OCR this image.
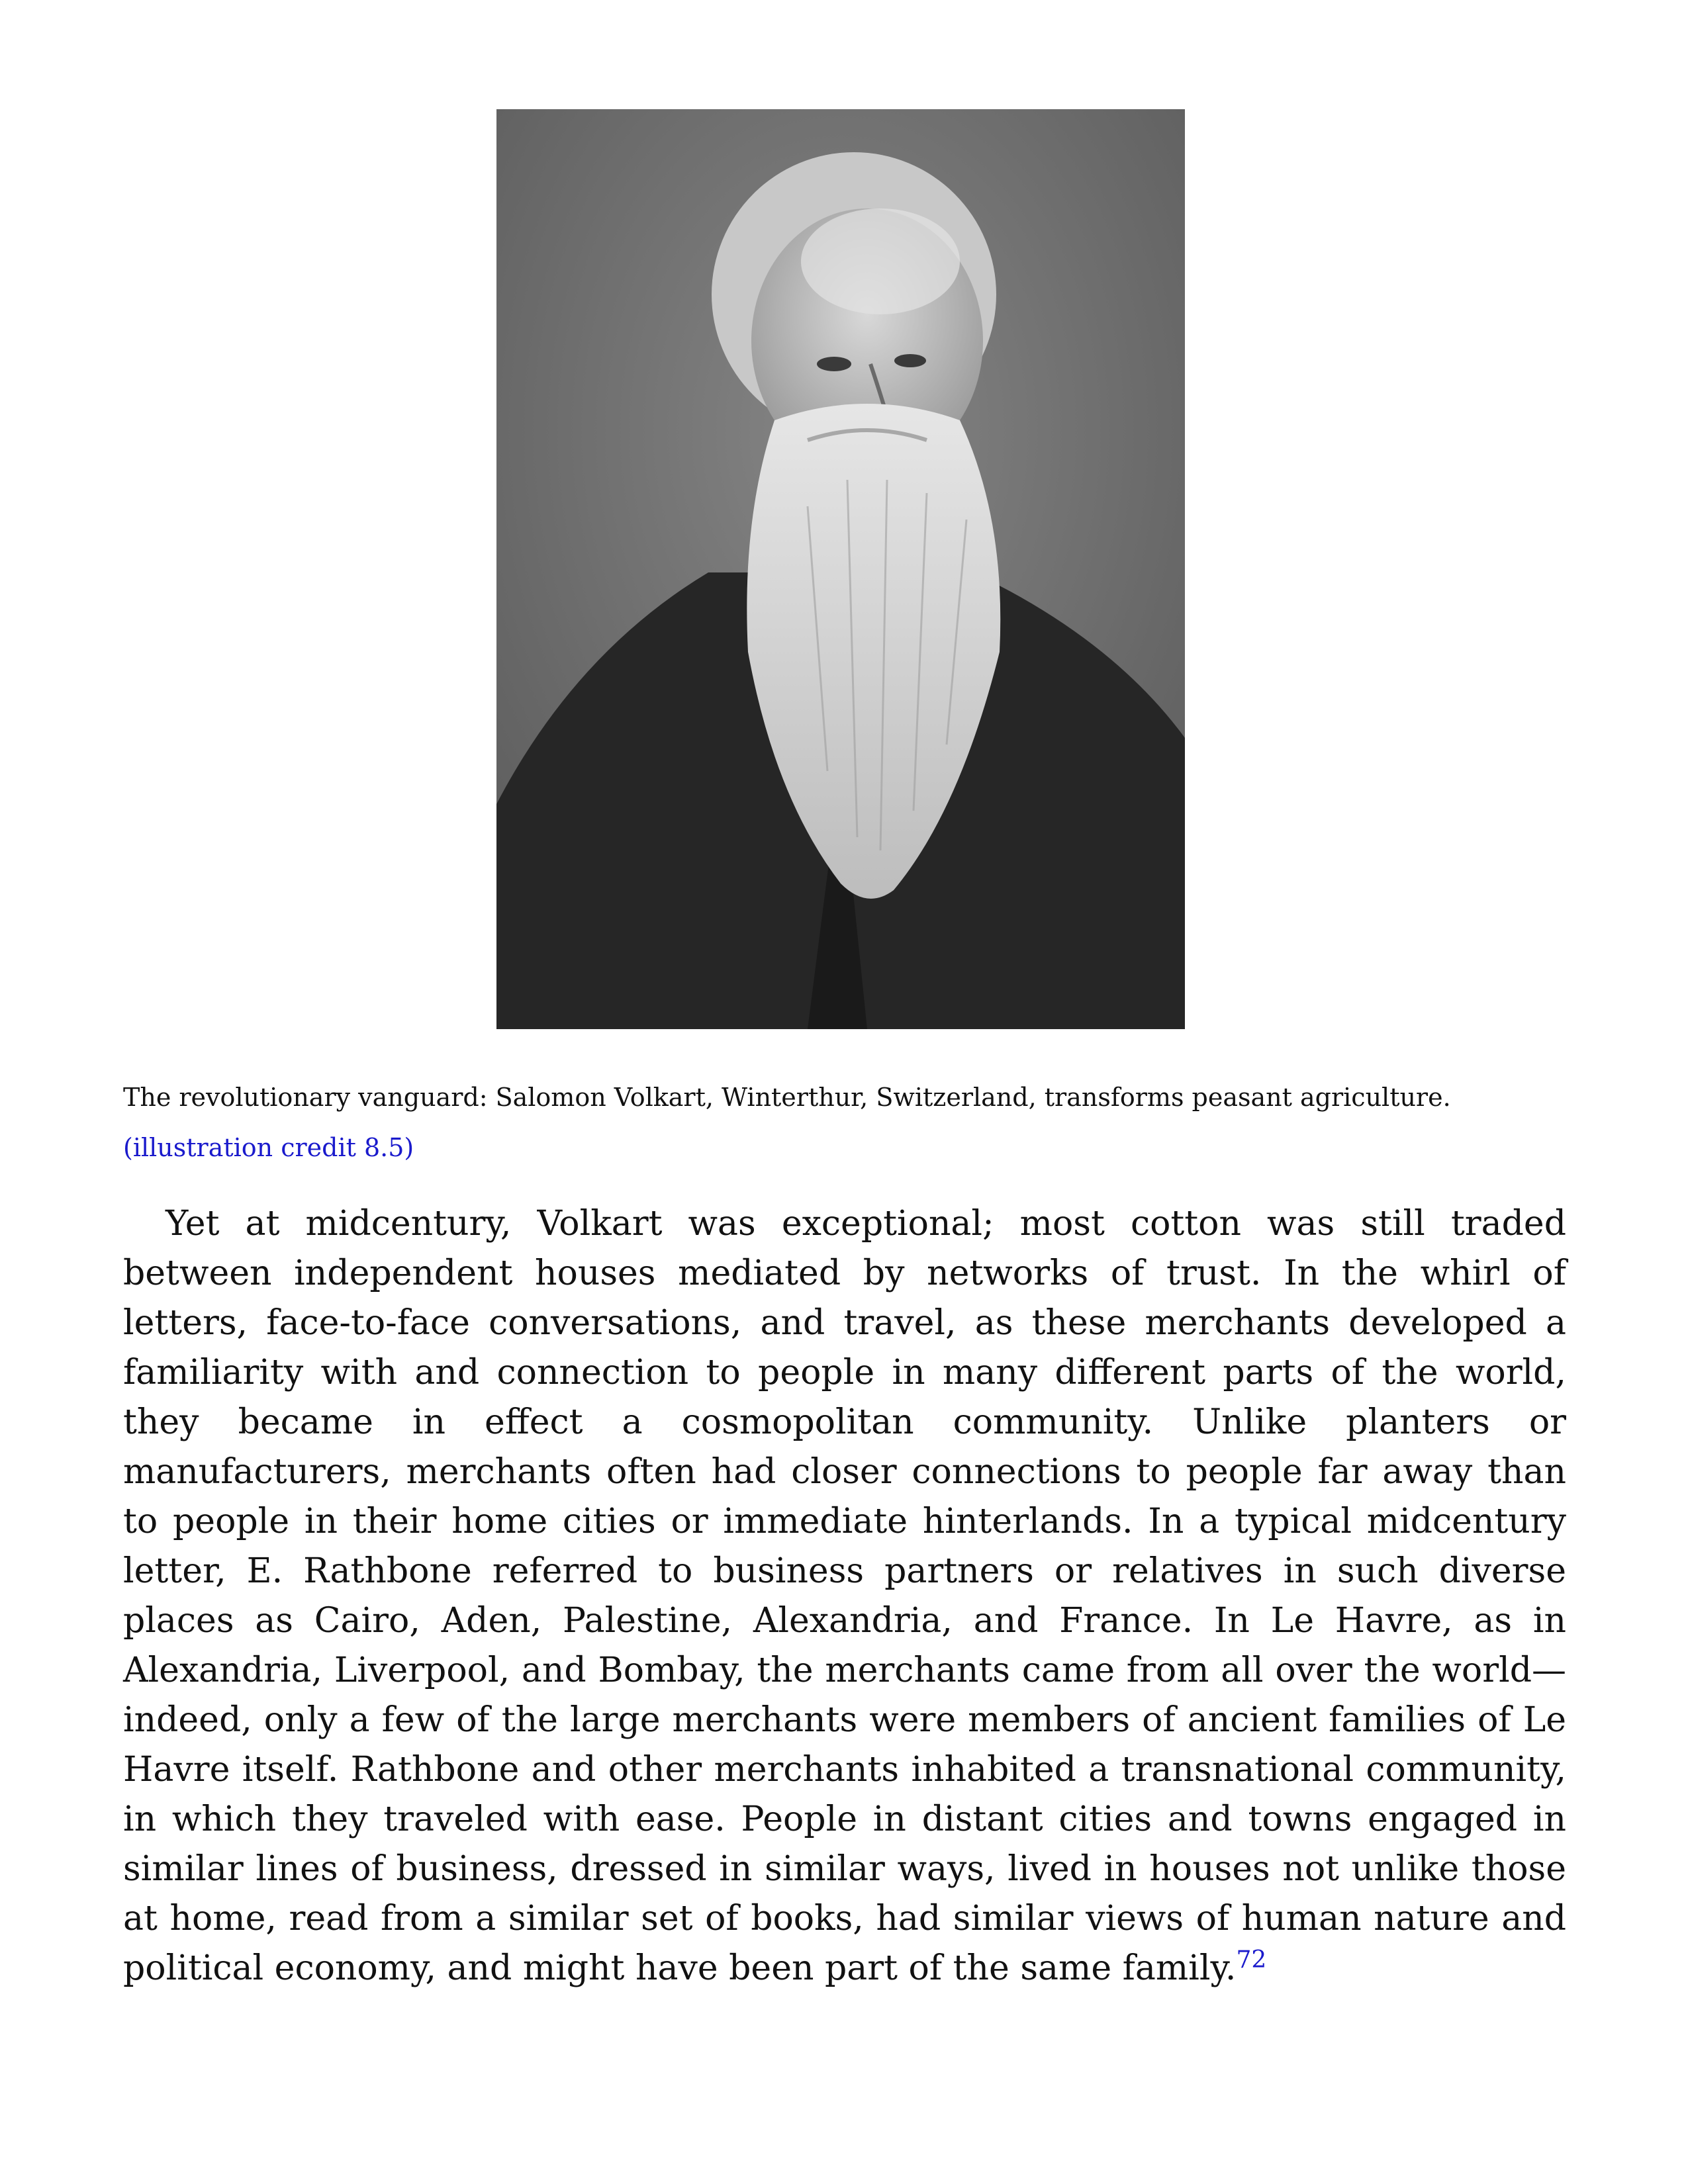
The revolutionary vanguard: Salomon Volkart, Winterthur, Switzerland, transforms peasant agriculture.
(illustration credit 8.5)

Yet at midcentury, Volkart was exceptional; most cotton was still traded between independent houses mediated by networks of trust. In the whirl of letters, face-to-face conversations, and travel, as these merchants developed a familiarity with and connection to people in many different parts of the world, they became in effect a cosmopolitan community. Unlike planters or manufacturers, merchants often had closer connections to people far away than to people in their home cities or immediate hinterlands. In a typical midcentury letter, E. Rathbone referred to business partners or relatives in such diverse places as Cairo, Aden, Palestine, Alexandria, and France. In Le Havre, as in Alexandria, Liverpool, and Bombay, the merchants came from all over the world—indeed, only a few of the large merchants were members of ancient families of Le Havre itself. Rathbone and other merchants inhabited a transnational community, in which they traveled with ease. People in distant cities and towns engaged in similar lines of business, dressed in similar ways, lived in houses not unlike those at home, read from a similar set of books, had similar views of human nature and political economy, and might have been part of the same family.$^{72}$
